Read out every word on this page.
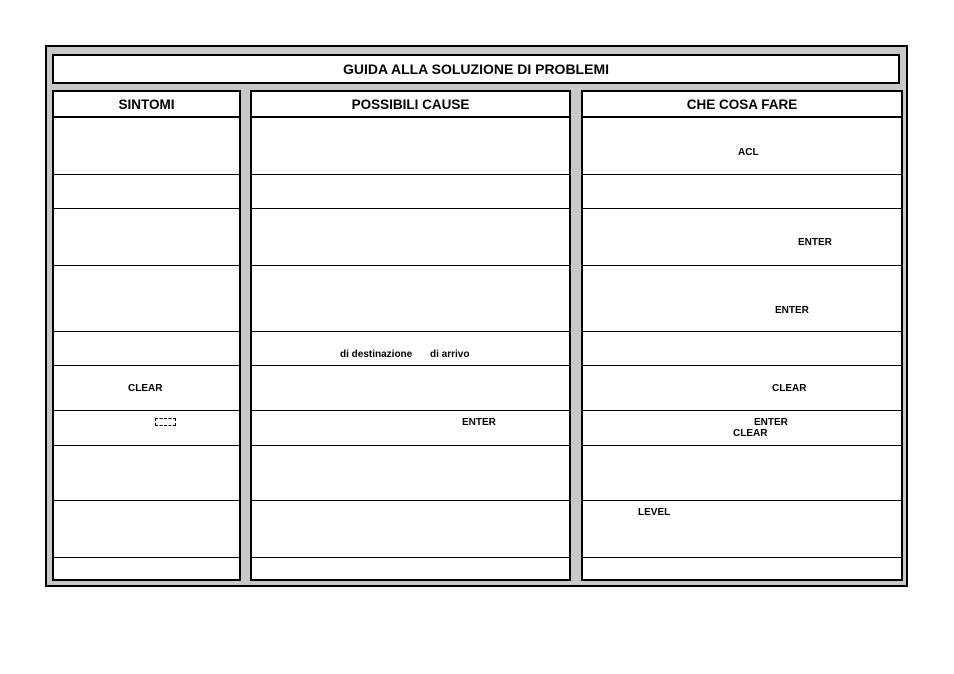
GUIDA ALLA SOLUZIONE DI PROBLEMI
SINTOMI
CLEAR
POSSIBILI CAUSE
di destinazione di arrivo
ENTER
CHE COSA FARE
ACL
ENTER
ENTER
CLEAR
ENTER
CLEAR
LEVEL
